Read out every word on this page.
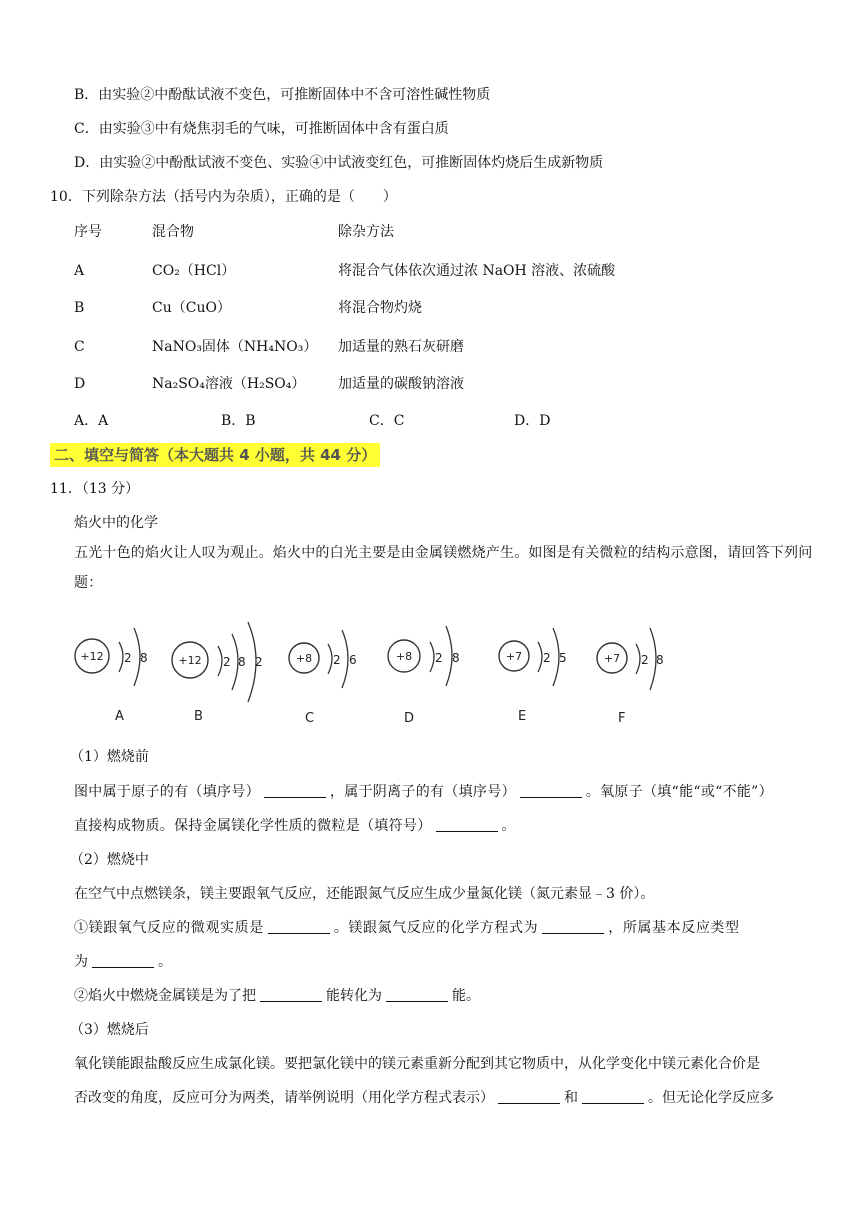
B．由实验②中酚酞试液不变色，可推断固体中不含可溶性碱性物质
C．由实验③中有烧焦羽毛的气味，可推断固体中含有蛋白质
D．由实验②中酚酞试液不变色、实验④中试液变红色，可推断固体灼烧后生成新物质
10．下列除杂方法（括号内为杂质），正确的是（　　）
序号	混合物	除杂方法
A	CO₂（HCl）	将混合气体依次通过浓 NaOH 溶液、浓硫酸
B	Cu（CuO）	将混合物灼烧
C	NaNO₃固体（NH₄NO₃） 加适量的熟石灰研磨
D	Na₂SO₄溶液（H₂SO₄） 加适量的碳酸钠溶液
A．A	B．B	C．C	D．D
二、填空与简答（本大题共 4 小题，共 44 分）
11．（13 分）
焰火中的化学
五光十色的焰火让人叹为观止。焰火中的白光主要是由金属镁燃烧产生。如图是有关微粒的结构示意图，请回答下列问题：
+12 2 8
A
+12 2 8 2
B
+8 2 6
C
+8 2 8
D
+7 2 5
E
+7 2 8
F
（1）燃烧前
图中属于原子的有（填序号）	，属于阴离子的有（填序号）	。氧原子（填“能“或“不能”）
直接构成物质。保持金属镁化学性质的微粒是（填符号）	。
（2）燃烧中
在空气中点燃镁条，镁主要跟氧气反应，还能跟氮气反应生成少量氮化镁（氮元素显﹣3 价）。
①镁跟氧气反应的微观实质是	。镁跟氮气反应的化学方程式为	，所属基本反应类型
为	。
②焰火中燃烧金属镁是为了把	能转化为	能。
（3）燃烧后
氧化镁能跟盐酸反应生成氯化镁。要把氯化镁中的镁元素重新分配到其它物质中，从化学变化中镁元素化合价是
否改变的角度，反应可分为两类，请举例说明（用化学方程式表示）	和	。但无论化学反应多
